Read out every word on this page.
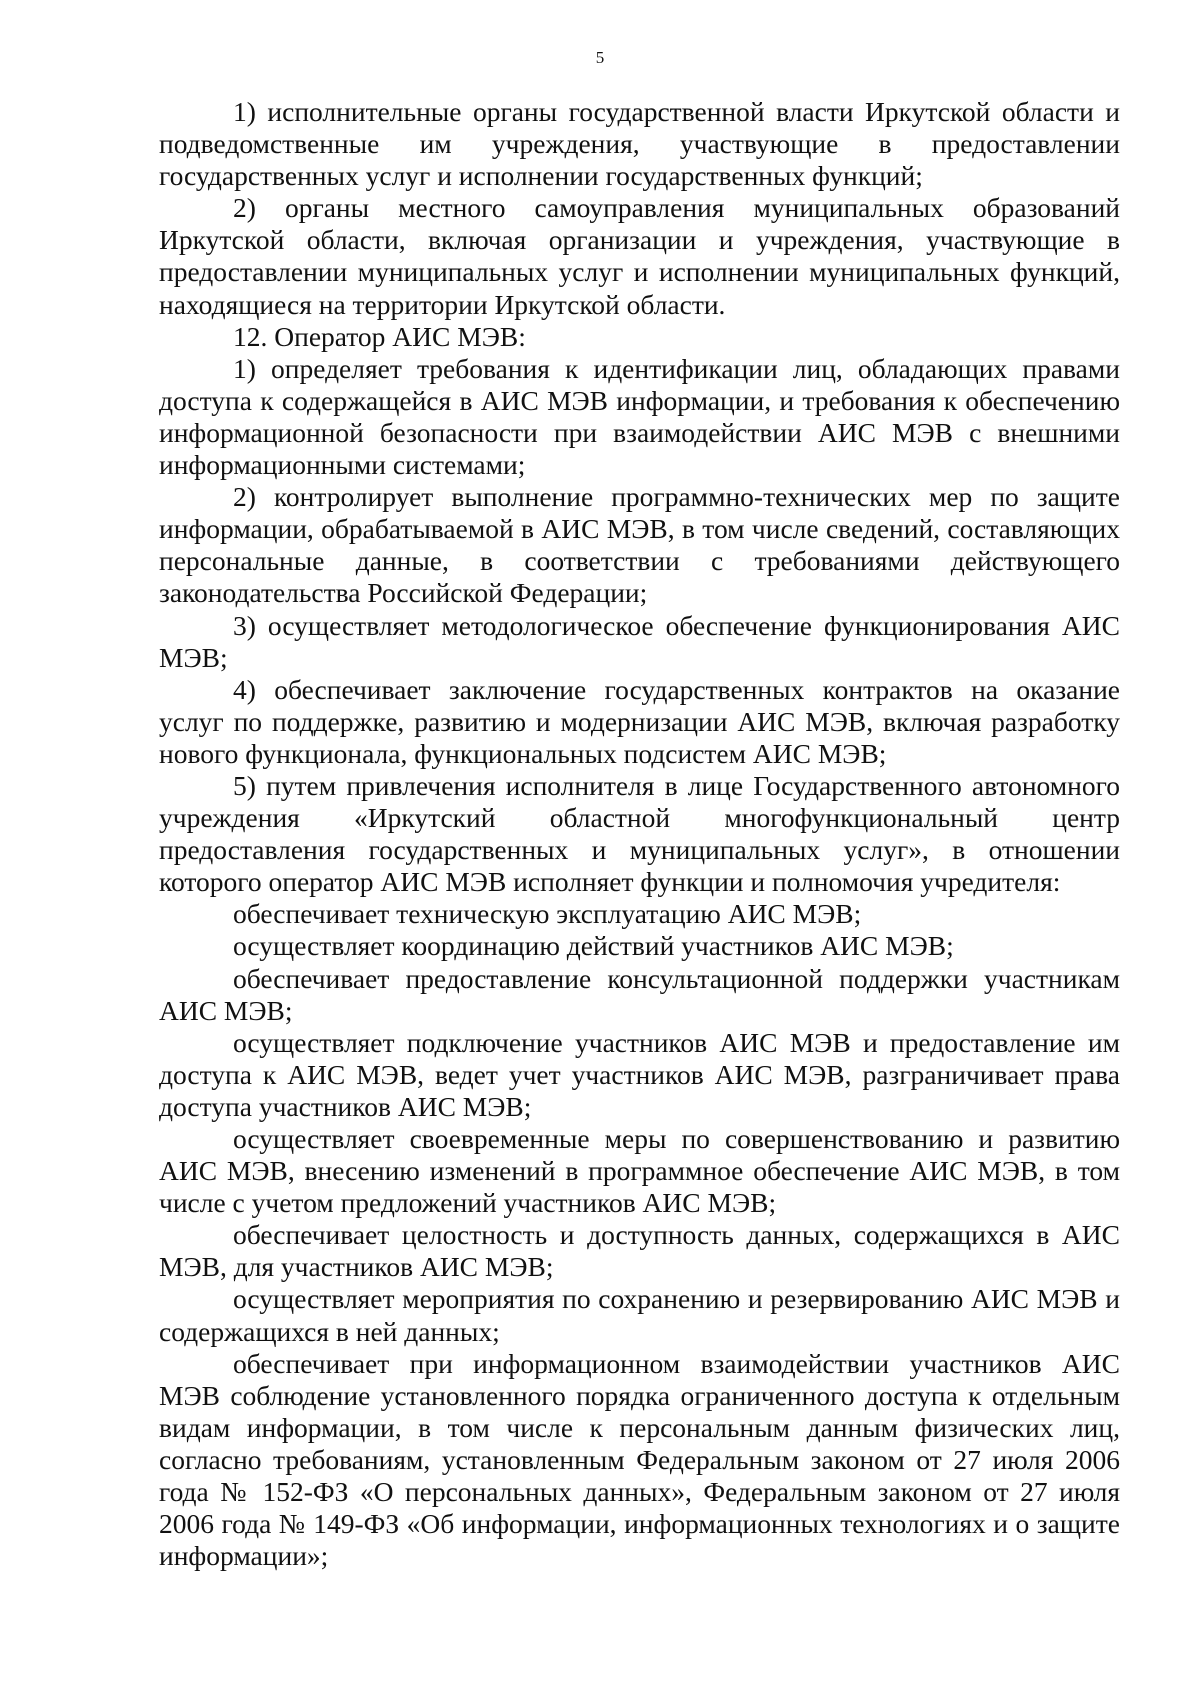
5

1) исполнительные органы государственной власти Иркутской области и подведомственные им учреждения, участвующие в предоставлении государственных услуг и исполнении государственных функций;

2) органы местного самоуправления муниципальных образований Иркутской области, включая организации и учреждения, участвующие в предоставлении муниципальных услуг и исполнении муниципальных функций, находящиеся на территории Иркутской области.

12. Оператор АИС МЭВ:

1) определяет требования к идентификации лиц, обладающих правами доступа к содержащейся в АИС МЭВ информации, и требования к обеспечению информационной безопасности при взаимодействии АИС МЭВ с внешними информационными системами;

2) контролирует выполнение программно-технических мер по защите информации, обрабатываемой в АИС МЭВ, в том числе сведений, составляющих персональные данные, в соответствии с требованиями действующего законодательства Российской Федерации;

3) осуществляет методологическое обеспечение функционирования АИС МЭВ;

4) обеспечивает заключение государственных контрактов на оказание услуг по поддержке, развитию и модернизации АИС МЭВ, включая разработку нового функционала, функциональных подсистем АИС МЭВ;

5) путем привлечения исполнителя в лице Государственного автономного учреждения «Иркутский областной многофункциональный центр предоставления государственных и муниципальных услуг», в отношении которого оператор АИС МЭВ исполняет функции и полномочия учредителя:

обеспечивает техническую эксплуатацию АИС МЭВ;

осуществляет координацию действий участников АИС МЭВ;

обеспечивает предоставление консультационной поддержки участникам АИС МЭВ;

осуществляет подключение участников АИС МЭВ и предоставление им доступа к АИС МЭВ, ведет учет участников АИС МЭВ, разграничивает права доступа участников АИС МЭВ;

осуществляет своевременные меры по совершенствованию и развитию АИС МЭВ, внесению изменений в программное обеспечение АИС МЭВ, в том числе с учетом предложений участников АИС МЭВ;

обеспечивает целостность и доступность данных, содержащихся в АИС МЭВ, для участников АИС МЭВ;

осуществляет мероприятия по сохранению и резервированию АИС МЭВ и содержащихся в ней данных;

обеспечивает при информационном взаимодействии участников АИС МЭВ соблюдение установленного порядка ограниченного доступа к отдельным видам информации, в том числе к персональным данным физических лиц, согласно требованиям, установленным Федеральным законом от 27 июля 2006 года № 152-ФЗ «О персональных данных», Федеральным законом от 27 июля 2006 года № 149-ФЗ «Об информации, информационных технологиях и о защите информации»;
